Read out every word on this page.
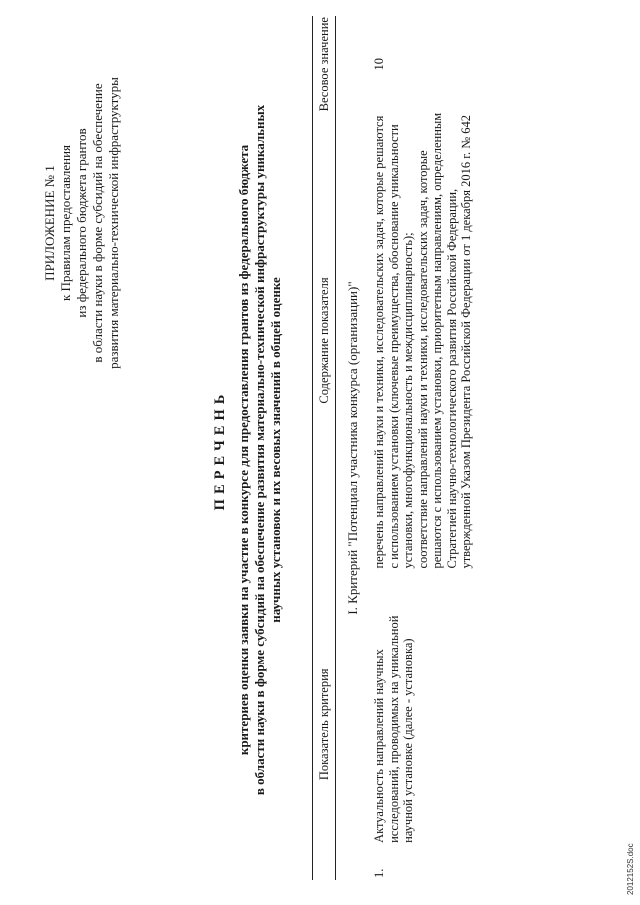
ПРИЛОЖЕНИЕ № 1 к Правилам предоставления из федерального бюджета грантов в области науки в форме субсидий на обеспечение развития материально-технической инфраструктуры
ПЕРЕЧЕНЬ критериев оценки заявки на участие в конкурсе для предоставления грантов из федерального бюджета в области науки в форме субсидий на обеспечение развития материально-технической инфраструктуры уникальных научных установок и их весовых значений в общей оценке
Показатель критерия		Содержание показателя	Весовое значение
I. Критерий "Потенциал участника конкурса (организации)"			
1.	Актуальность направлений научных исследований, проводимых на уникальной научной установке (далее - установка)	перечень направлений науки и техники, исследовательских задач, которые решаются с использованием установки (ключевые преимущества, обоснование уникальности установки, многофункциональность и междисциплинарность); соответствие направлений науки и техники, исследовательских задач, которые решаются с использованием установки, приоритетным направлениям, определенным Стратегией научно-технологического развития Российской Федерации, утвержденной Указом Президента Российской Федерации от 1 декабря 2016 г. № 642	10
2012152S.doc
